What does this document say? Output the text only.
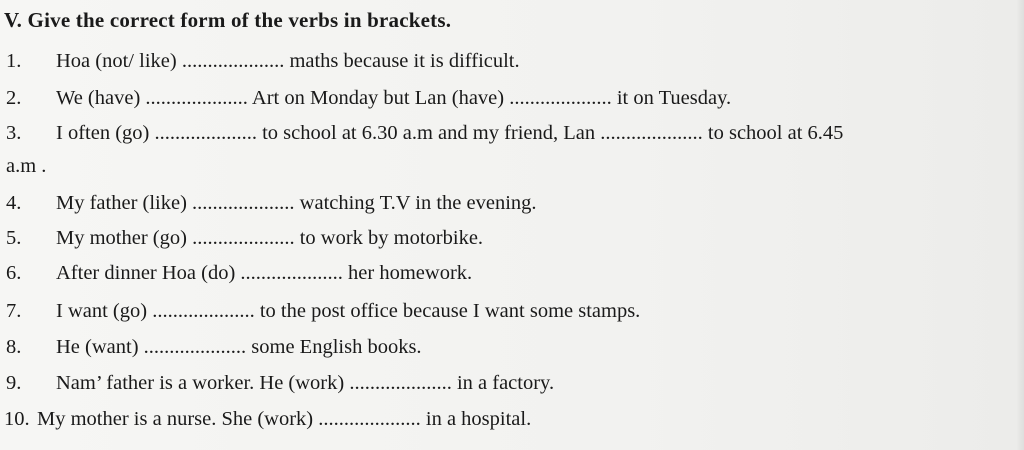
V. Give the correct form of the verbs in brackets.
1. Hoa (not/ like) .................... maths because it is difficult.
2. We (have) .................... Art on Monday but Lan (have) .................... it on Tuesday.
3. I often (go) .................... to school at 6.30 a.m and my friend, Lan .................... to school at 6.45
a.m .
4. My father (like) .................... watching T.V in the evening.
5. My mother (go) .................... to work by motorbike.
6. After dinner Hoa (do) .................... her homework.
7. I want (go) .................... to the post office because I want some stamps.
8. He (want) .................... some English books.
9. Nam’ father is a worker. He (work) .................... in a factory.
10. My mother is a nurse. She (work) .................... in a hospital.
